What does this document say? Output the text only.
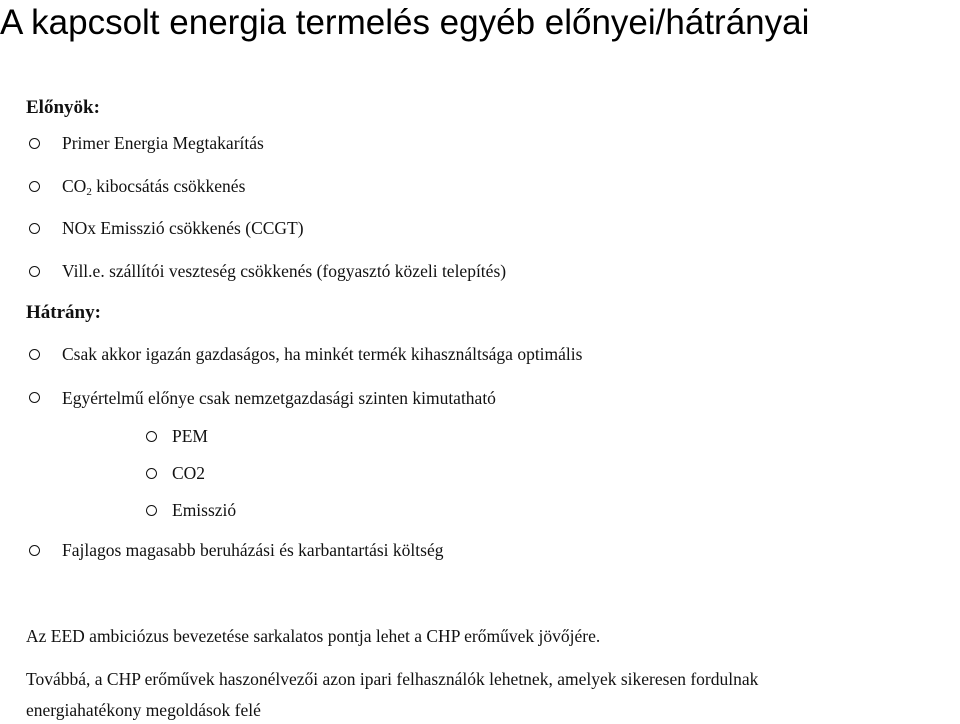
A kapcsolt energia termelés egyéb előnyei/hátrányai
Előnyök:
Primer Energia Megtakarítás
$CO_2$ kibocsátás csökkenés
NOx Emisszió csökkenés (CCGT)
Vill.e. szállítói veszteség csökkenés (fogyasztó közeli telepítés)
Hátrány:
Csak akkor igazán gazdaságos, ha minkét termék kihasználtsága optimális
Egyértelmű előnye csak nemzetgazdasági szinten kimutatható
PEM
CO2
Emisszió
Fajlagos magasabb beruházási és karbantartási költség
Az EED ambiciózus bevezetése sarkalatos pontja lehet a CHP erőművek jövőjére.
Továbbá, a CHP erőművek haszonélvezői azon ipari felhasználók lehetnek, amelyek sikeresen fordulnak
energiahatékony megoldások felé
